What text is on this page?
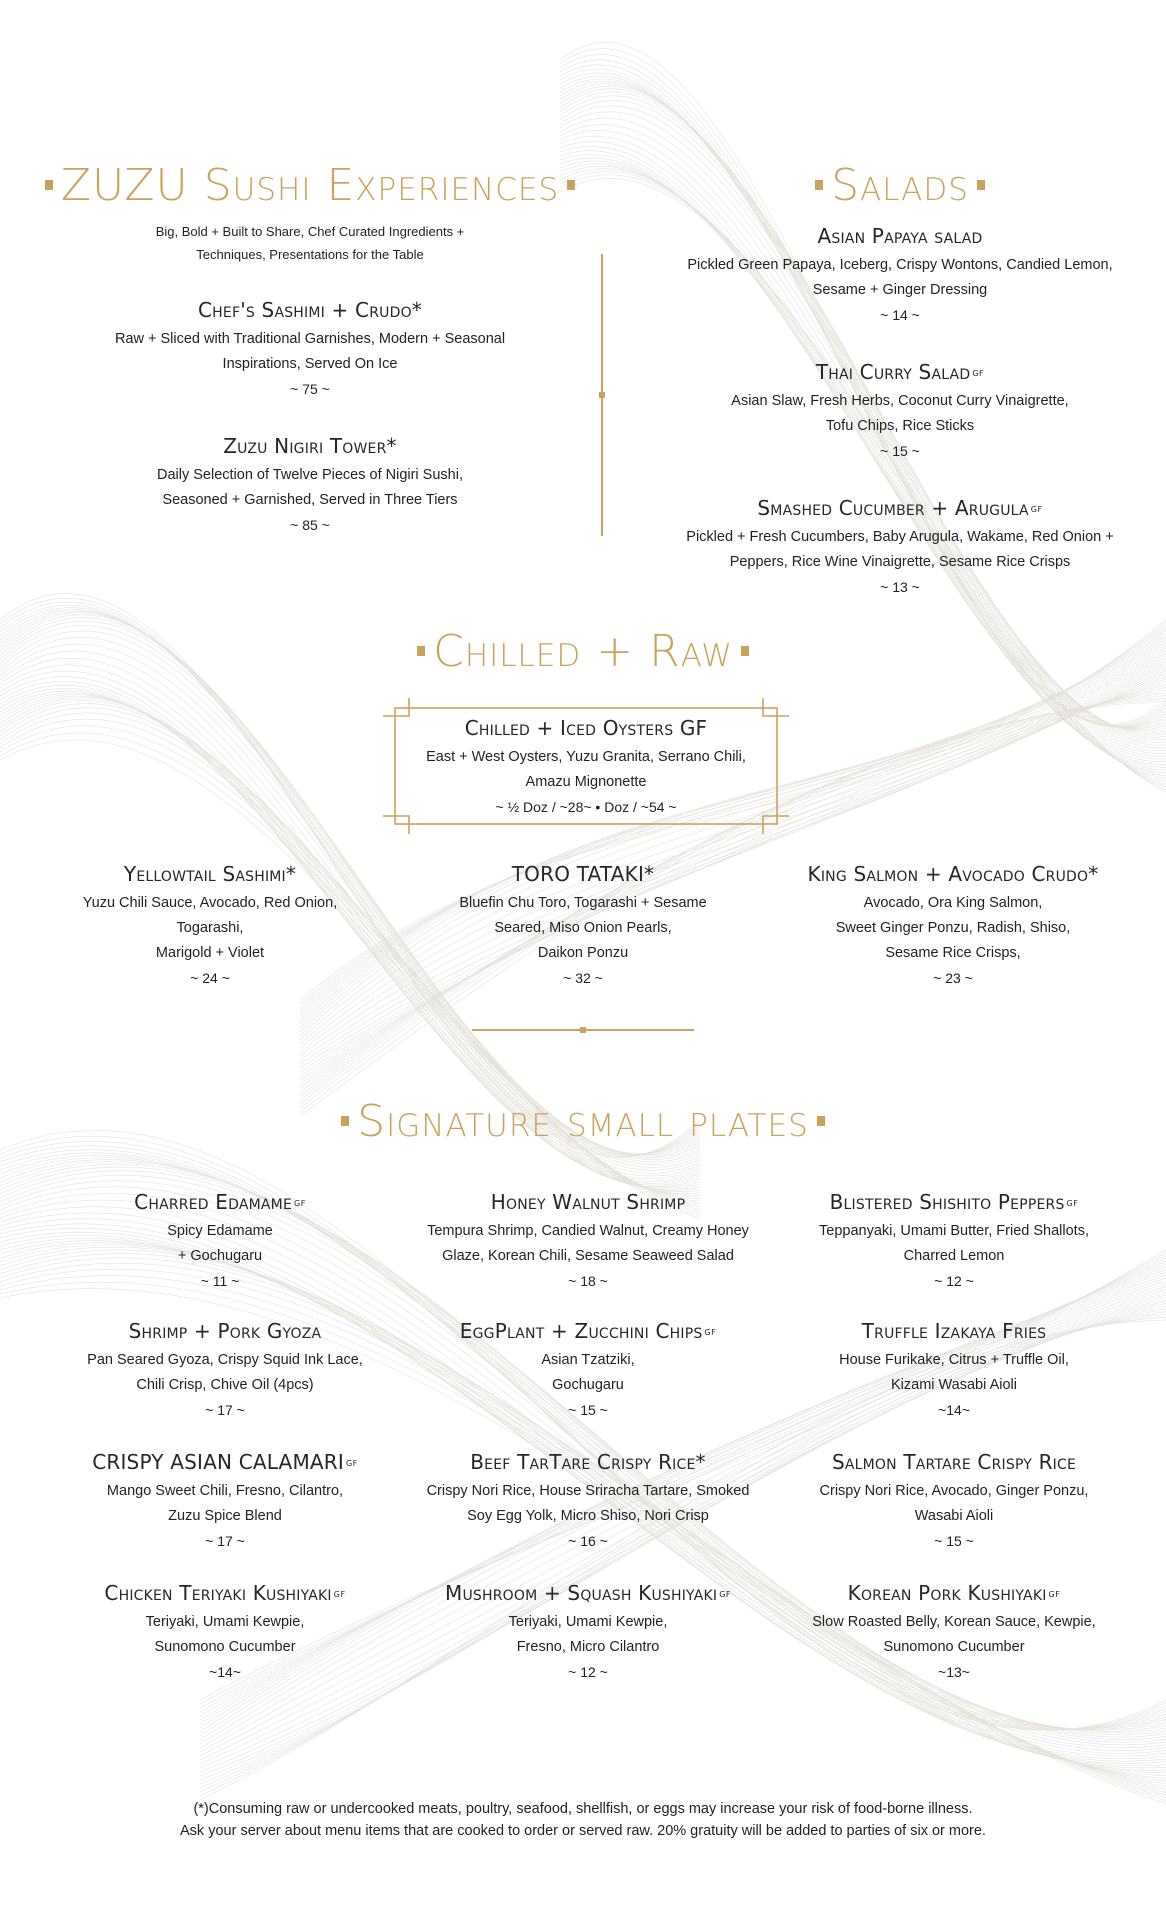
ZUZU Sushi Experiences
Big, Bold + Built to Share, Chef Curated Ingredients +
Techniques, Presentations for the Table
Chef's Sashimi + Crudo*
Raw + Sliced with Traditional Garnishes, Modern + Seasonal
Inspirations, Served On Ice
~ 75 ~
Zuzu Nigiri Tower*
Daily Selection of Twelve Pieces of Nigiri Sushi,
Seasoned + Garnished, Served in Three Tiers
~ 85 ~
Salads
Asian Papaya salad
Pickled Green Papaya, Iceberg, Crispy Wontons, Candied Lemon,
Sesame + Ginger Dressing
~ 14 ~
Thai Curry Salad GF
Asian Slaw, Fresh Herbs, Coconut Curry Vinaigrette,
Tofu Chips, Rice Sticks
~ 15 ~
Smashed Cucumber + Arugula GF
Pickled + Fresh Cucumbers, Baby Arugula, Wakame, Red Onion +
Peppers, Rice Wine Vinaigrette, Sesame Rice Crisps
~ 13 ~
Chilled + Raw
Chilled + Iced Oysters GF
East + West Oysters, Yuzu Granita, Serrano Chili,
Amazu Mignonette
~ ½ Doz / ~28~ • Doz / ~54 ~
Yellowtail Sashimi*
Yuzu Chili Sauce, Avocado, Red Onion,
Togarashi,
Marigold + Violet
~ 24 ~
TORO TATAKI*
Bluefin Chu Toro, Togarashi + Sesame
Seared, Miso Onion Pearls,
Daikon Ponzu
~ 32 ~
King Salmon + Avocado Crudo*
Avocado, Ora King Salmon,
Sweet Ginger Ponzu, Radish, Shiso,
Sesame Rice Crisps,
~ 23 ~
Signature small plates
Charred Edamame GF
Spicy Edamame
+ Gochugaru
~ 11 ~
Honey Walnut Shrimp
Tempura Shrimp, Candied Walnut, Creamy Honey
Glaze, Korean Chili, Sesame Seaweed Salad
~ 18 ~
Blistered Shishito Peppers GF
Teppanyaki, Umami Butter, Fried Shallots,
Charred Lemon
~ 12 ~
Shrimp + Pork Gyoza
Pan Seared Gyoza, Crispy Squid Ink Lace,
Chili Crisp, Chive Oil (4pcs)
~ 17 ~
EggPlant + Zucchini Chips GF
Asian Tzatziki,
Gochugaru
~ 15 ~
Truffle Izakaya Fries
House Furikake, Citrus + Truffle Oil,
Kizami Wasabi Aioli
~14~
CRISPY ASIAN CALAMARI GF
Mango Sweet Chili, Fresno, Cilantro,
Zuzu Spice Blend
~ 17 ~
Beef TarTare Crispy Rice*
Crispy Nori Rice, House Sriracha Tartare, Smoked
Soy Egg Yolk, Micro Shiso, Nori Crisp
~ 16 ~
Salmon Tartare Crispy Rice
Crispy Nori Rice, Avocado, Ginger Ponzu,
Wasabi Aioli
~ 15 ~
Chicken Teriyaki Kushiyaki GF
Teriyaki, Umami Kewpie,
Sunomono Cucumber
~14~
Mushroom + Squash Kushiyaki GF
Teriyaki, Umami Kewpie,
Fresno, Micro Cilantro
~ 12 ~
Korean Pork Kushiyaki GF
Slow Roasted Belly, Korean Sauce, Kewpie,
Sunomono Cucumber
~13~
(*)Consuming raw or undercooked meats, poultry, seafood, shellfish, or eggs may increase your risk of food-borne illness.
Ask your server about menu items that are cooked to order or served raw. 20% gratuity will be added to parties of six or more.
